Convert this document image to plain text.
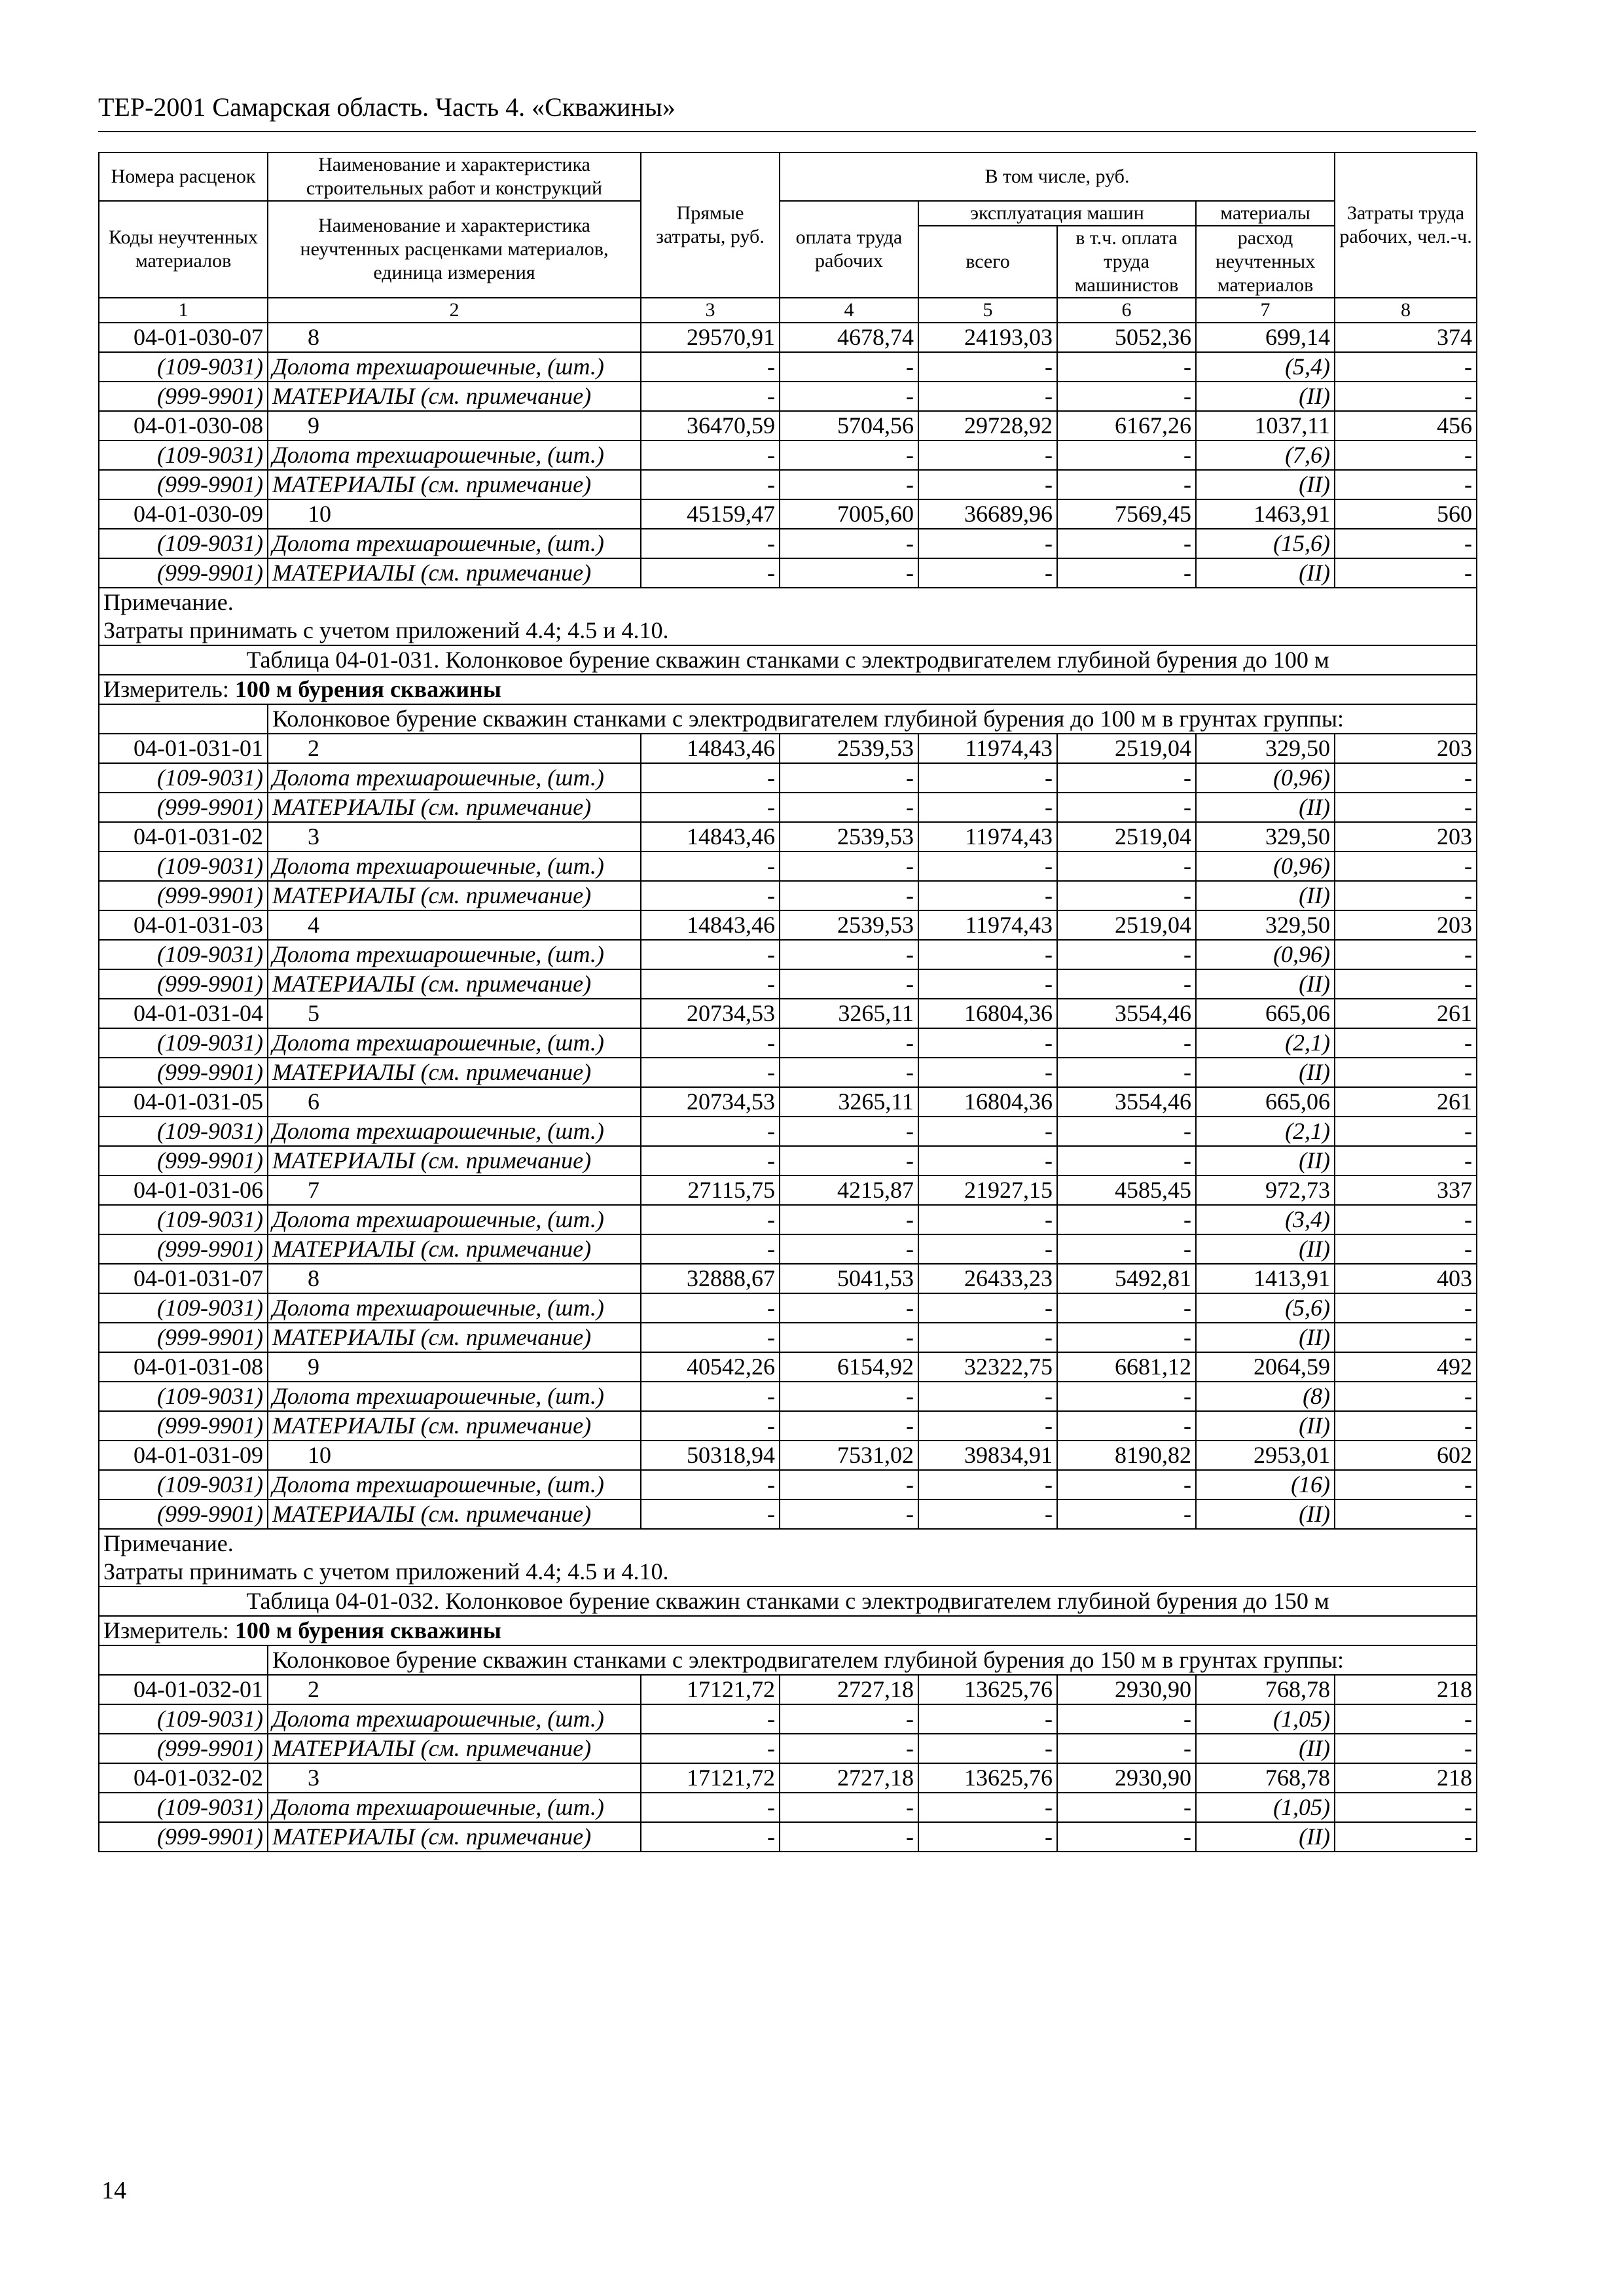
ТЕР-2001 Самарская область. Часть 4. «Скважины»
Номера расценок	Наименование и характеристика строительных работ и конструкций	Прямые затраты, руб.	В том числе, руб.				Затраты труда рабочих, чел.-ч.
Коды неучтенных материалов	Наименование и характеристика неучтенных расценками материалов, единица измерения		оплата труда рабочих	эксплуатация машин		материалы	
				всего	в т.ч. оплата труда машинистов	расход неучтенных материалов	
1	2	3	4	5	6	7	8
04-01-030-07	8	29570,91	4678,74	24193,03	5052,36	699,14	374
(109-9031)	Долота трехшарошечные, (шт.)	-	-	-	-	(5,4)	-
(999-9901)	МАТЕРИАЛЫ (см. примечание)	-	-	-	-	(II)	-
04-01-030-08	9	36470,59	5704,56	29728,92	6167,26	1037,11	456
(109-9031)	Долота трехшарошечные, (шт.)	-	-	-	-	(7,6)	-
(999-9901)	МАТЕРИАЛЫ (см. примечание)	-	-	-	-	(II)	-
04-01-030-09	10	45159,47	7005,60	36689,96	7569,45	1463,91	560
(109-9031)	Долота трехшарошечные, (шт.)	-	-	-	-	(15,6)	-
(999-9901)	МАТЕРИАЛЫ (см. примечание)	-	-	-	-	(II)	-

Примечание.
Затраты принимать с учетом приложений 4.4; 4.5 и 4.10.							

Таблица 04-01-031. Колонковое бурение скважин станками с электродвигателем глубиной бурения до 100 м							
Измеритель: 100 м бурения скважины							
	Колонковое бурение скважин станками с электродвигателем глубиной бурения до 100 м в грунтах группы:						
04-01-031-01	2	14843,46	2539,53	11974,43	2519,04	329,50	203
(109-9031)	Долота трехшарошечные, (шт.)	-	-	-	-	(0,96)	-
(999-9901)	МАТЕРИАЛЫ (см. примечание)	-	-	-	-	(II)	-
04-01-031-02	3	14843,46	2539,53	11974,43	2519,04	329,50	203
(109-9031)	Долота трехшарошечные, (шт.)	-	-	-	-	(0,96)	-
(999-9901)	МАТЕРИАЛЫ (см. примечание)	-	-	-	-	(II)	-
04-01-031-03	4	14843,46	2539,53	11974,43	2519,04	329,50	203
(109-9031)	Долота трехшарошечные, (шт.)	-	-	-	-	(0,96)	-
(999-9901)	МАТЕРИАЛЫ (см. примечание)	-	-	-	-	(II)	-
04-01-031-04	5	20734,53	3265,11	16804,36	3554,46	665,06	261
(109-9031)	Долота трехшарошечные, (шт.)	-	-	-	-	(2,1)	-
(999-9901)	МАТЕРИАЛЫ (см. примечание)	-	-	-	-	(II)	-
04-01-031-05	6	20734,53	3265,11	16804,36	3554,46	665,06	261
(109-9031)	Долота трехшарошечные, (шт.)	-	-	-	-	(2,1)	-
(999-9901)	МАТЕРИАЛЫ (см. примечание)	-	-	-	-	(II)	-
04-01-031-06	7	27115,75	4215,87	21927,15	4585,45	972,73	337
(109-9031)	Долота трехшарошечные, (шт.)	-	-	-	-	(3,4)	-
(999-9901)	МАТЕРИАЛЫ (см. примечание)	-	-	-	-	(II)	-
04-01-031-07	8	32888,67	5041,53	26433,23	5492,81	1413,91	403
(109-9031)	Долота трехшарошечные, (шт.)	-	-	-	-	(5,6)	-
(999-9901)	МАТЕРИАЛЫ (см. примечание)	-	-	-	-	(II)	-
04-01-031-08	9	40542,26	6154,92	32322,75	6681,12	2064,59	492
(109-9031)	Долота трехшарошечные, (шт.)	-	-	-	-	(8)	-
(999-9901)	МАТЕРИАЛЫ (см. примечание)	-	-	-	-	(II)	-
04-01-031-09	10	50318,94	7531,02	39834,91	8190,82	2953,01	602
(109-9031)	Долота трехшарошечные, (шт.)	-	-	-	-	(16)	-
(999-9901)	МАТЕРИАЛЫ (см. примечание)	-	-	-	-	(II)	-

Примечание.
Затраты принимать с учетом приложений 4.4; 4.5 и 4.10.							

Таблица 04-01-032. Колонковое бурение скважин станками с электродвигателем глубиной бурения до 150 м							
Измеритель: 100 м бурения скважины							
	Колонковое бурение скважин станками с электродвигателем глубиной бурения до 150 м в грунтах группы:						
04-01-032-01	2	17121,72	2727,18	13625,76	2930,90	768,78	218
(109-9031)	Долота трехшарошечные, (шт.)	-	-	-	-	(1,05)	-
(999-9901)	МАТЕРИАЛЫ (см. примечание)	-	-	-	-	(II)	-
04-01-032-02	3	17121,72	2727,18	13625,76	2930,90	768,78	218
(109-9031)	Долота трехшарошечные, (шт.)	-	-	-	-	(1,05)	-
(999-9901)	МАТЕРИАЛЫ (см. примечание)	-	-	-	-	(II)	-
14
